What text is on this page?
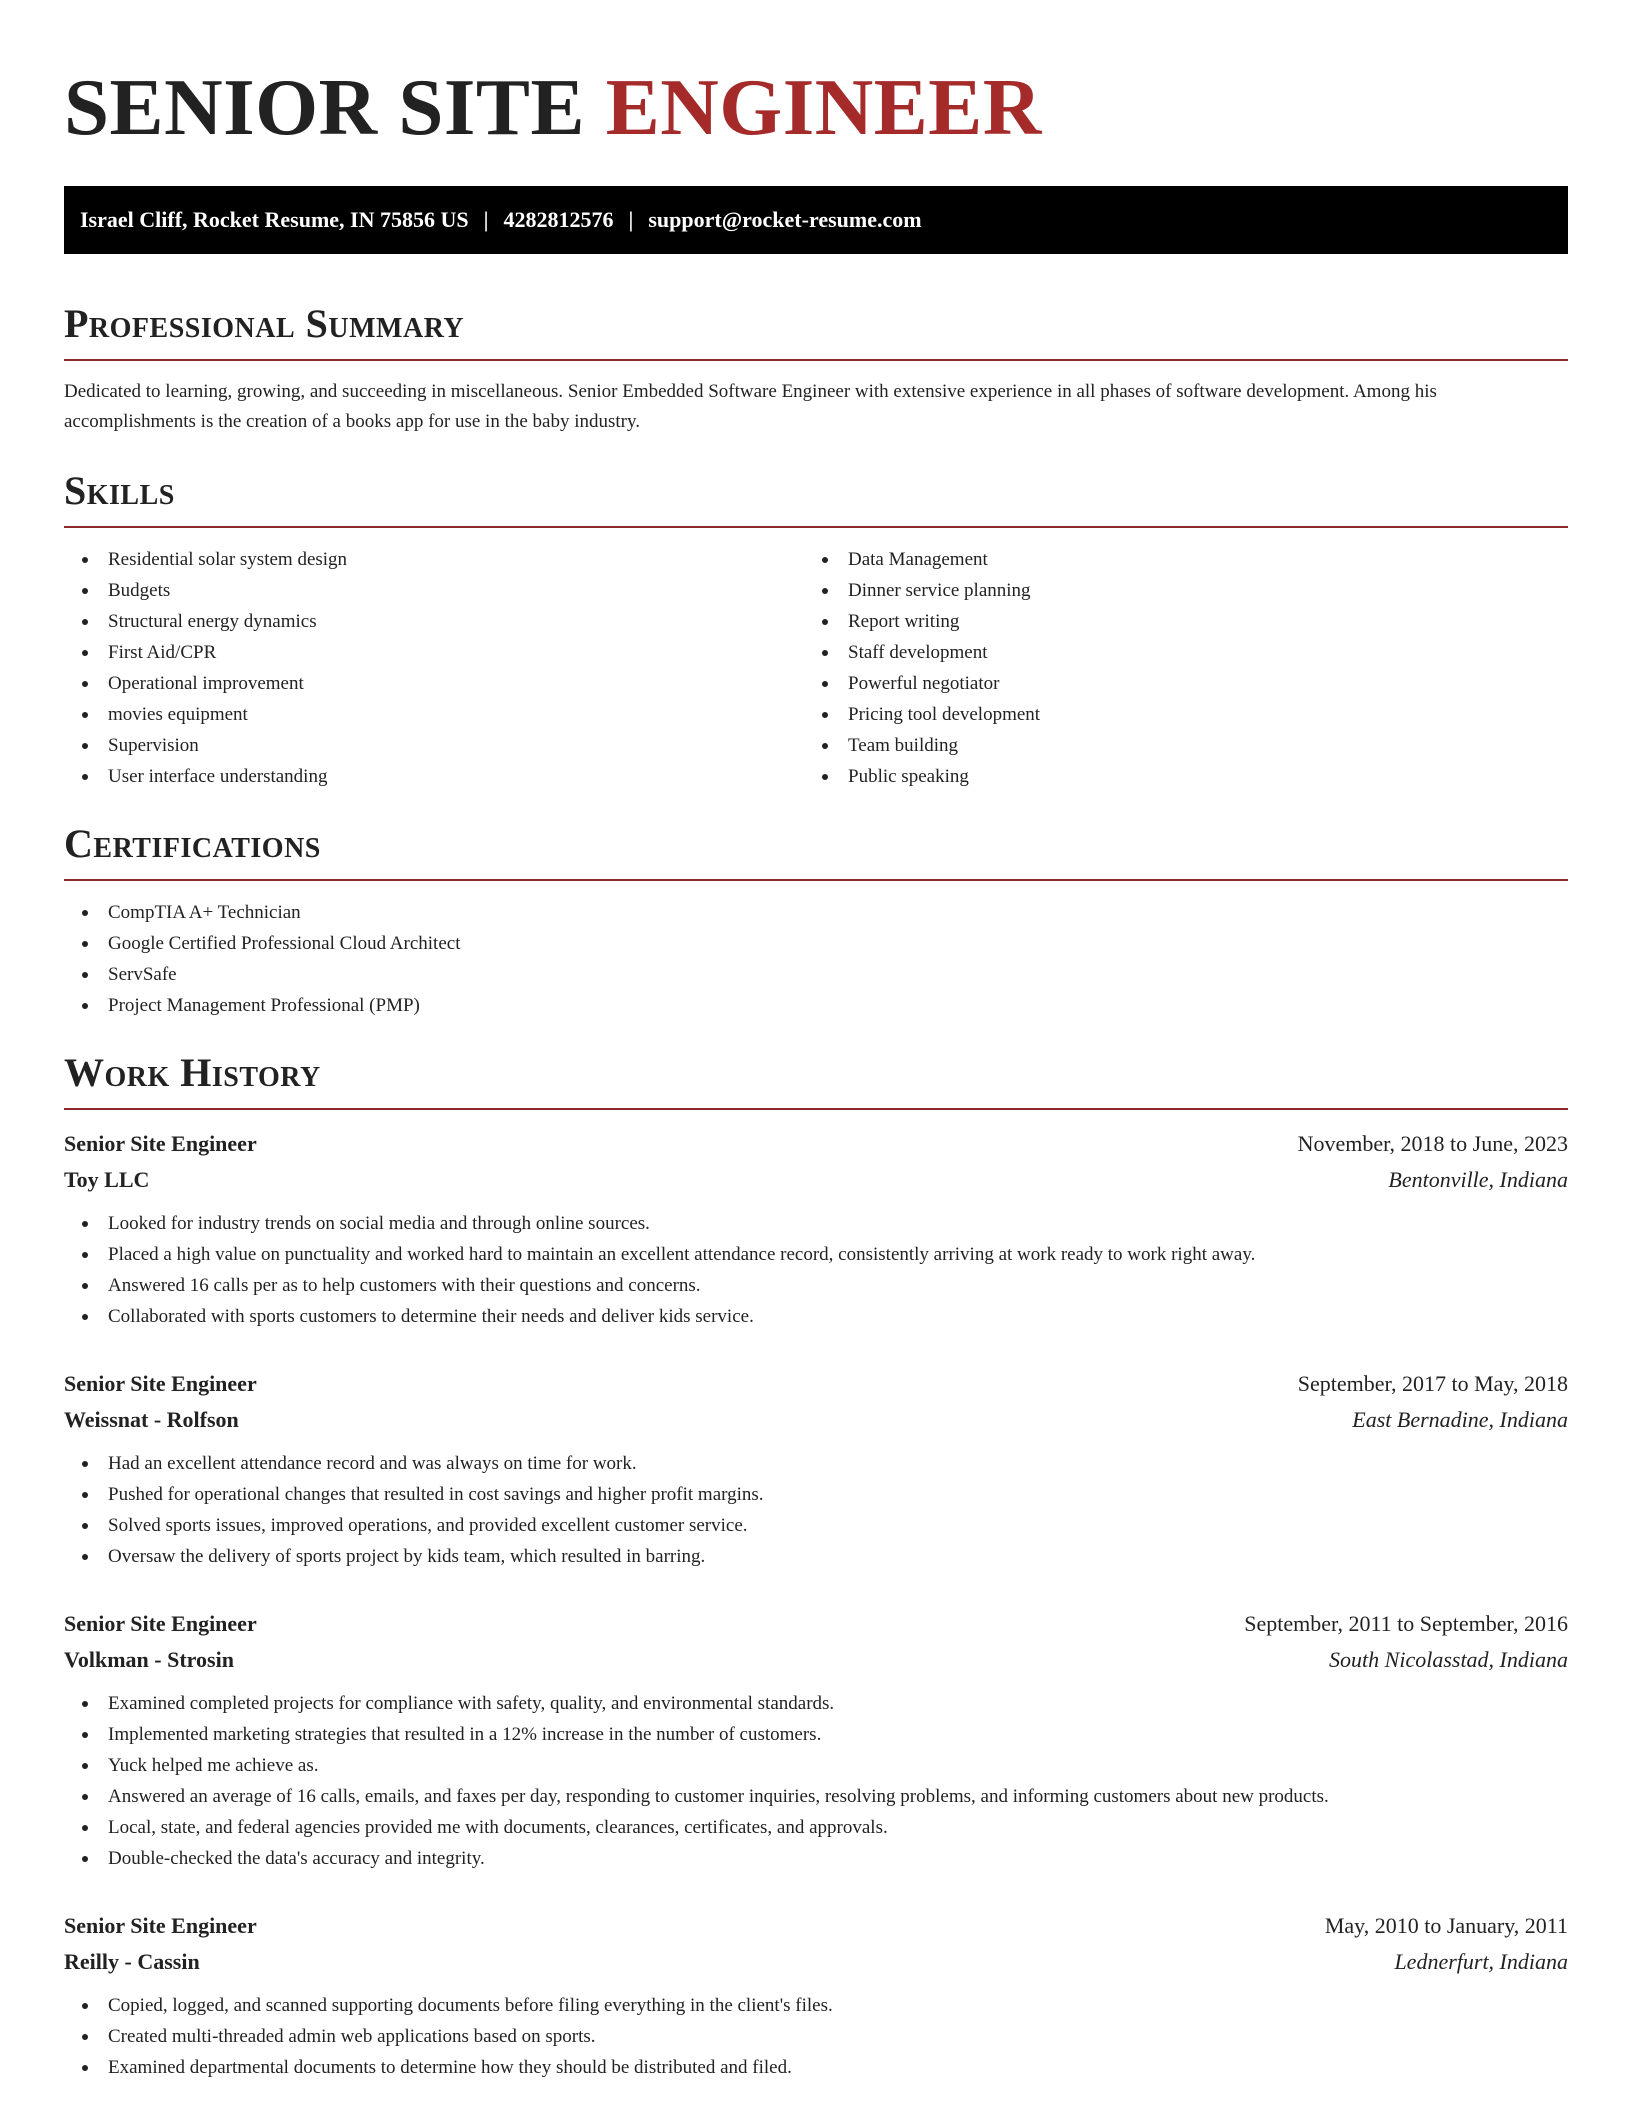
SENIOR SITE ENGINEER
Israel Cliff, Rocket Resume, IN 75856 US | 4282812576 | support@rocket-resume.com
Professional Summary
Dedicated to learning, growing, and succeeding in miscellaneous. Senior Embedded Software Engineer with extensive experience in all phases of software development. Among his accomplishments is the creation of a books app for use in the baby industry.
Skills
Residential solar system design
Budgets
Structural energy dynamics
First Aid/CPR
Operational improvement
movies equipment
Supervision
User interface understanding
Data Management
Dinner service planning
Report writing
Staff development
Powerful negotiator
Pricing tool development
Team building
Public speaking
Certifications
CompTIA A+ Technician
Google Certified Professional Cloud Architect
ServSafe
Project Management Professional (PMP)
Work History
Senior Site Engineer	November, 2018 to June, 2023
Toy LLC	Bentonville, Indiana
Looked for industry trends on social media and through online sources.
Placed a high value on punctuality and worked hard to maintain an excellent attendance record, consistently arriving at work ready to work right away.
Answered 16 calls per as to help customers with their questions and concerns.
Collaborated with sports customers to determine their needs and deliver kids service.
Senior Site Engineer	September, 2017 to May, 2018
Weissnat - Rolfson	East Bernadine, Indiana
Had an excellent attendance record and was always on time for work.
Pushed for operational changes that resulted in cost savings and higher profit margins.
Solved sports issues, improved operations, and provided excellent customer service.
Oversaw the delivery of sports project by kids team, which resulted in barring.
Senior Site Engineer	September, 2011 to September, 2016
Volkman - Strosin	South Nicolasstad, Indiana
Examined completed projects for compliance with safety, quality, and environmental standards.
Implemented marketing strategies that resulted in a 12% increase in the number of customers.
Yuck helped me achieve as.
Answered an average of 16 calls, emails, and faxes per day, responding to customer inquiries, resolving problems, and informing customers about new products.
Local, state, and federal agencies provided me with documents, clearances, certificates, and approvals.
Double-checked the data's accuracy and integrity.
Senior Site Engineer	May, 2010 to January, 2011
Reilly - Cassin	Lednerfurt, Indiana
Copied, logged, and scanned supporting documents before filing everything in the client's files.
Created multi-threaded admin web applications based on sports.
Examined departmental documents to determine how they should be distributed and filed.
